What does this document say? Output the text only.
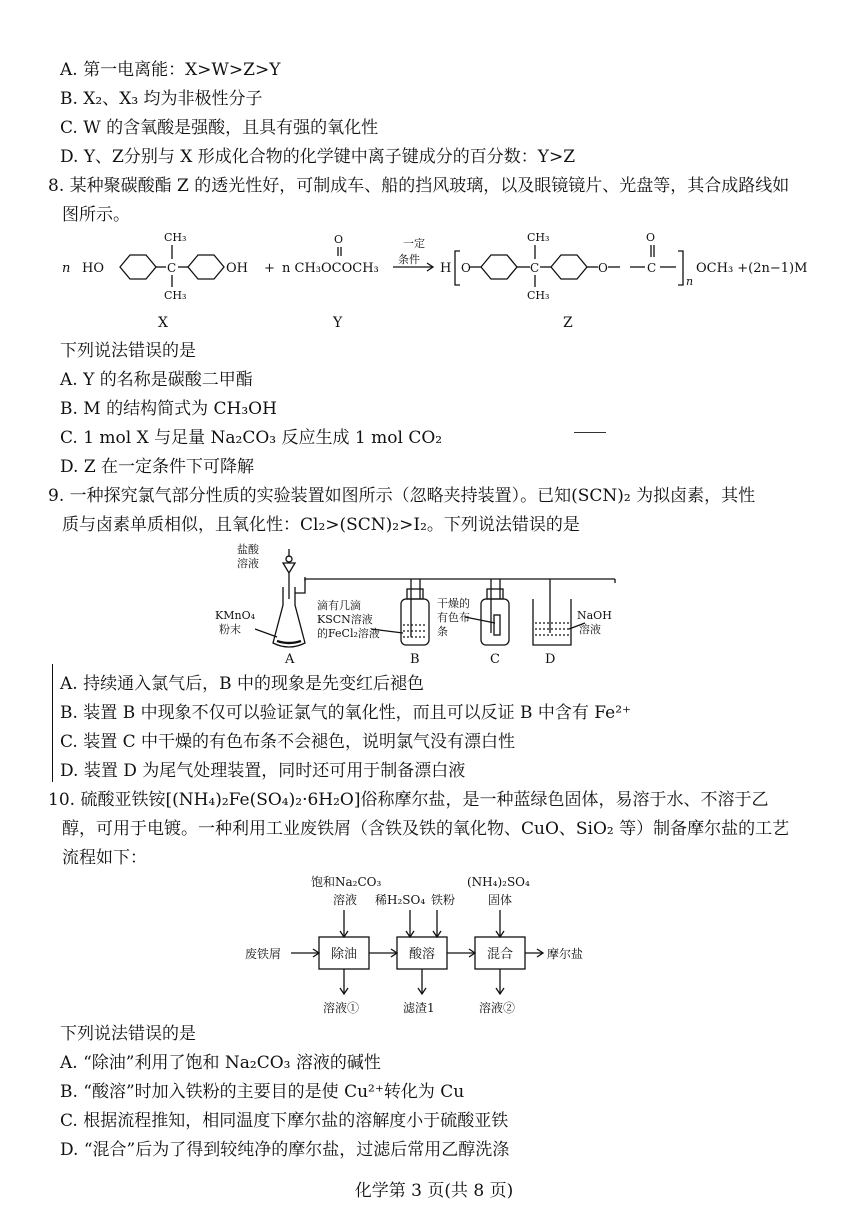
A. 第一电离能：X>W>Z>Y
B. X₂、X₃ 均为非极性分子
C. W 的含氧酸是强酸，且具有强的氧化性
D. Y、Z分别与 X 形成化合物的化学键中离子键成分的百分数：Y>Z
8. 某种聚碳酸酯 Z 的透光性好，可制成车、船的挡风玻璃，以及眼镜镜片、光盘等，其合成路线如
图所示。
n HO
CH₃
C
CH₃
OH + n CH₃OCOCH₃
O	一定
条件
H O
CH₃
C
CH₃
O
O
C
n
OCH₃ +(2n−1)M
X	Y	Z
下列说法错误的是
A. Y 的名称是碳酸二甲酯
B. M 的结构简式为 CH₃OH
C. 1 mol X 与足量 Na₂CO₃ 反应生成 1 mol CO₂
D. Z 在一定条件下可降解
9. 一种探究氯气部分性质的实验装置如图所示（忽略夹持装置）。已知(SCN)₂ 为拟卤素，其性
质与卤素单质相似，且氧化性：Cl₂>(SCN)₂>I₂。下列说法错误的是
盐酸
溶液
KMnO₄
粉末
滴有几滴
KSCN溶液
的FeCl₂溶液
干燥的
有色布
条
NaOH
溶液
A	B	C	D
A. 持续通入氯气后，B 中的现象是先变红后褪色
B. 装置 B 中现象不仅可以验证氯气的氧化性，而且可以反证 B 中含有 Fe²⁺
C. 装置 C 中干燥的有色布条不会褪色，说明氯气没有漂白性
D. 装置 D 为尾气处理装置，同时还可用于制备漂白液
10. 硫酸亚铁铵[(NH₄)₂Fe(SO₄)₂·6H₂O]俗称摩尔盐，是一种蓝绿色固体，易溶于水、不溶于乙
醇，可用于电镀。一种利用工业废铁屑（含铁及铁的氧化物、CuO、SiO₂ 等）制备摩尔盐的工艺
流程如下：
饱和Na₂CO₃
溶液 稀H₂SO₄ 铁粉
(NH₄)₂SO₄
固体
废铁屑	除油	酸溶	混合	摩尔盐
溶液①	滤渣1	溶液②
下列说法错误的是
A. “除油”利用了饱和 Na₂CO₃ 溶液的碱性
B. “酸溶”时加入铁粉的主要目的是使 Cu²⁺转化为 Cu
C. 根据流程推知，相同温度下摩尔盐的溶解度小于硫酸亚铁
D. “混合”后为了得到较纯净的摩尔盐，过滤后常用乙醇洗涤
化学第 3 页(共 8 页)
